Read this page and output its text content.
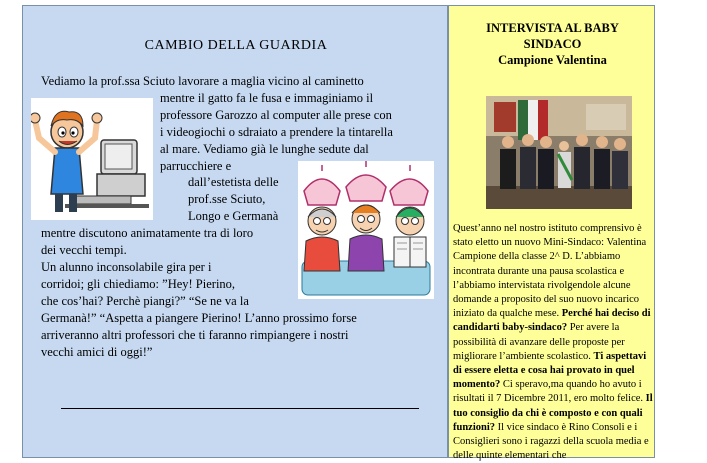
CAMBIO DELLA GUARDIA
Vediamo la prof.ssa Sciuto lavorare a maglia vicino al caminetto
mentre il gatto fa le fusa e immaginiamo il
professore Garozzo al computer alle prese con
i videogiochi o sdraiato a prendere la tintarella
al mare. Vediamo già le lunghe sedute dal
parrucchiere e
dall’estetista delle
prof.sse Sciuto,
Longo e Germanà
mentre discutono animatamente tra di loro
dei vecchi tempi.
Un alunno inconsolabile gira per i
corridoi; gli chiediamo: ”Hey! Pierino,
che cos’hai? Perchè piangi?” “Se ne va la
Germanà!” “Aspetta a piangere Pierino! L’anno prossimo forse
arriveranno altri professori che ti faranno rimpiangere i nostri
vecchi amici di oggi!”
INTERVISTA AL BABY
SINDACO
Campione Valentina
Quest’anno nel nostro istituto comprensivo è stato eletto un nuovo Mini-Sindaco: Valentina Campione della classe 2^ D. L’abbiamo incontrata durante una pausa scolastica e l’abbiamo intervistata rivolgendole alcune domande a proposito del suo nuovo incarico iniziato da qualche mese. Perché hai deciso di candidarti baby-sindaco? Per avere la possibilità di avanzare delle proposte per migliorare l’ambiente scolastico. Ti aspettavi di essere eletta e cosa hai provato in quel momento? Ci speravo,ma quando ho avuto i risultati il 7 Dicembre 2011, ero molto felice. Il tuo consiglio da chi è composto e con quali funzioni? Il vice sindaco è Rino Consoli e i Consiglieri sono i ragazzi della scuola media e delle quinte elementari che
